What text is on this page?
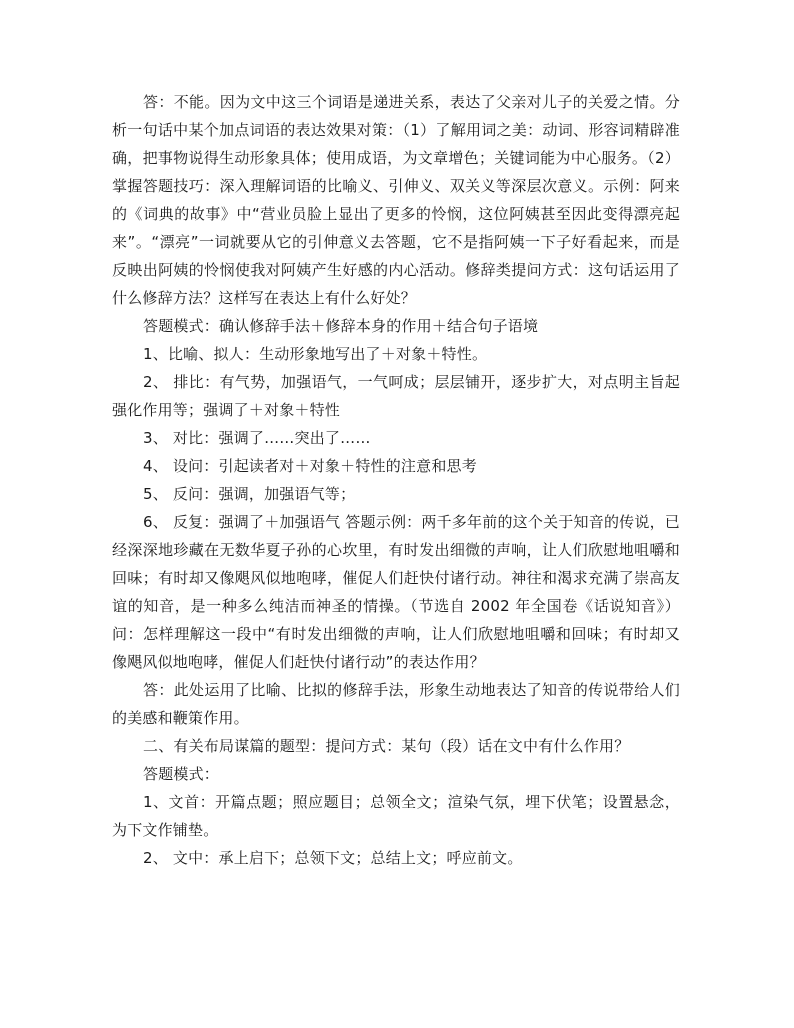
答：不能。因为文中这三个词语是递进关系，表达了父亲对儿子的关爱之情。分析一句话中某个加点词语的表达效果对策：（1）了解用词之美：动词、形容词精辟准确，把事物说得生动形象具体；使用成语，为文章增色；关键词能为中心服务。（2）掌握答题技巧：深入理解词语的比喻义、引伸义、双关义等深层次意义。示例：阿来的《词典的故事》中“营业员脸上显出了更多的怜悯，这位阿姨甚至因此变得漂亮起来”。“漂亮”一词就要从它的引伸意义去答题，它不是指阿姨一下子好看起来，而是反映出阿姨的怜悯使我对阿姨产生好感的内心活动。修辞类提问方式：这句话运用了什么修辞方法？这样写在表达上有什么好处？

答题模式：确认修辞手法＋修辞本身的作用＋结合句子语境

1、比喻、拟人：生动形象地写出了＋对象＋特性。

2、 排比：有气势，加强语气，一气呵成；层层铺开，逐步扩大，对点明主旨起强化作用等；强调了＋对象＋特性

3、 对比：强调了……突出了……

4、 设问：引起读者对＋对象＋特性的注意和思考

5、 反问：强调，加强语气等；

6、 反复：强调了＋加强语气 答题示例：两千多年前的这个关于知音的传说，已经深深地珍藏在无数华夏子孙的心坎里，有时发出细微的声响，让人们欣慰地咀嚼和回味；有时却又像飓风似地咆哮，催促人们赶快付诸行动。神往和渴求充满了崇高友谊的知音，是一种多么纯洁而神圣的情操。（节选自 2002 年全国卷《话说知音》） 问：怎样理解这一段中“有时发出细微的声响，让人们欣慰地咀嚼和回味；有时却又像飓风似地咆哮，催促人们赶快付诸行动”的表达作用？

答：此处运用了比喻、比拟的修辞手法，形象生动地表达了知音的传说带给人们的美感和鞭策作用。

二、有关布局谋篇的题型：提问方式：某句（段）话在文中有什么作用？

答题模式：

1、文首：开篇点题；照应题目；总领全文；渲染气氛，埋下伏笔；设置悬念，为下文作铺垫。

2、 文中：承上启下；总领下文；总结上文；呼应前文。
